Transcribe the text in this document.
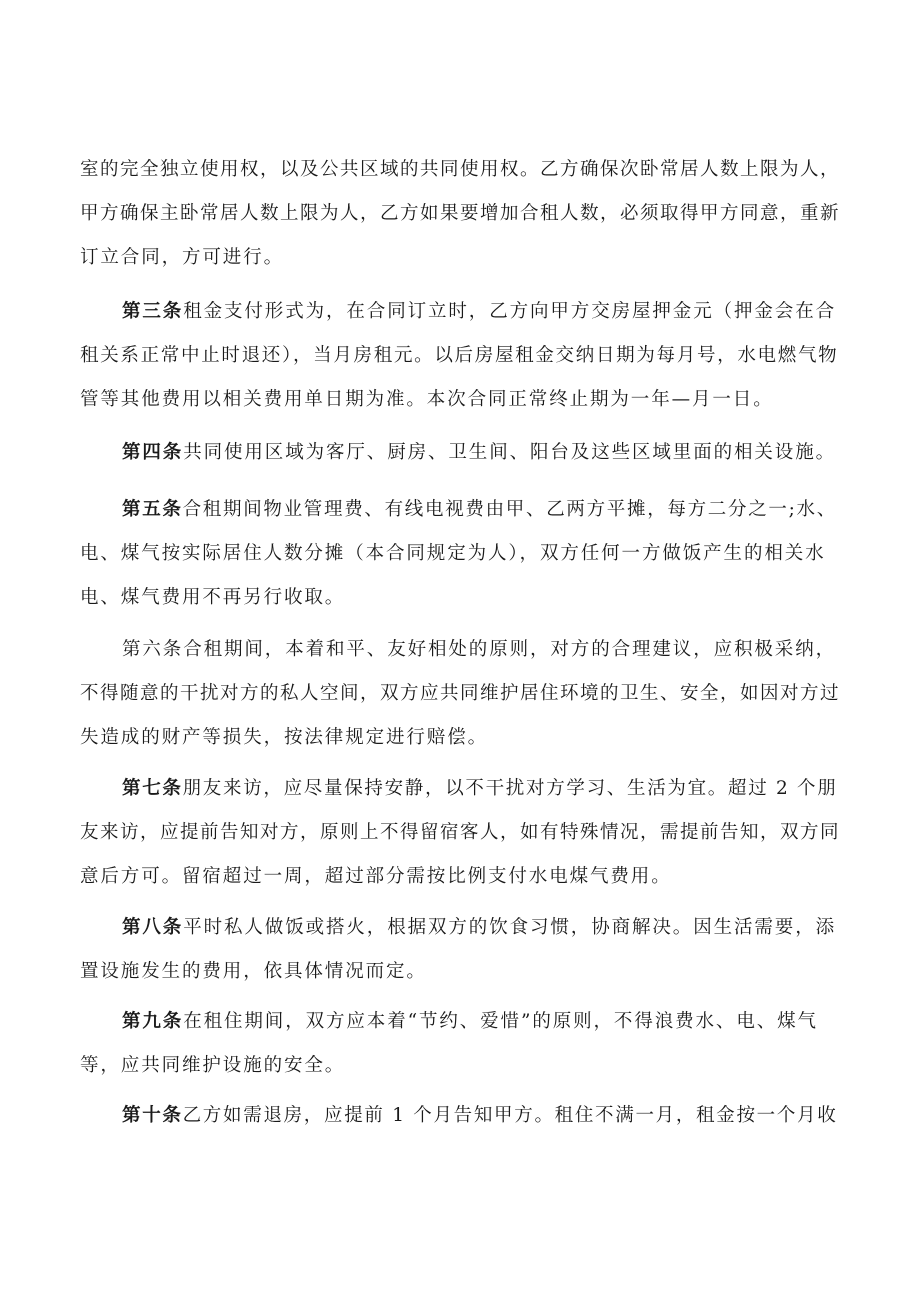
室的完全独立使用权，以及公共区域的共同使用权。乙方确保次卧常居人数上限为人，
甲方确保主卧常居人数上限为人，乙方如果要增加合租人数，必须取得甲方同意，重新
订立合同，方可进行。
第三条租金支付形式为，在合同订立时，乙方向甲方交房屋押金元（押金会在合
租关系正常中止时退还），当月房租元。以后房屋租金交纳日期为每月号，水电燃气物
管等其他费用以相关费用单日期为准。本次合同正常终止期为一年—月一日。
第四条共同使用区域为客厅、厨房、卫生间、阳台及这些区域里面的相关设施。
第五条合租期间物业管理费、有线电视费由甲、乙两方平摊，每方二分之一;水、
电、煤气按实际居住人数分摊（本合同规定为人），双方任何一方做饭产生的相关水
电、煤气费用不再另行收取。
第六条合租期间，本着和平、友好相处的原则，对方的合理建议，应积极采纳，
不得随意的干扰对方的私人空间，双方应共同维护居住环境的卫生、安全，如因对方过
失造成的财产等损失，按法律规定进行赔偿。
第七条朋友来访，应尽量保持安静，以不干扰对方学习、生活为宜。超过 2 个朋
友来访，应提前告知对方，原则上不得留宿客人，如有特殊情况，需提前告知，双方同
意后方可。留宿超过一周，超过部分需按比例支付水电煤气费用。
第八条平时私人做饭或搭火，根据双方的饮食习惯，协商解决。因生活需要，添
置设施发生的费用，依具体情况而定。
第九条在租住期间，双方应本着“节约、爱惜”的原则，不得浪费水、电、煤气
等，应共同维护设施的安全。
第十条乙方如需退房，应提前 1 个月告知甲方。租住不满一月，租金按一个月收
